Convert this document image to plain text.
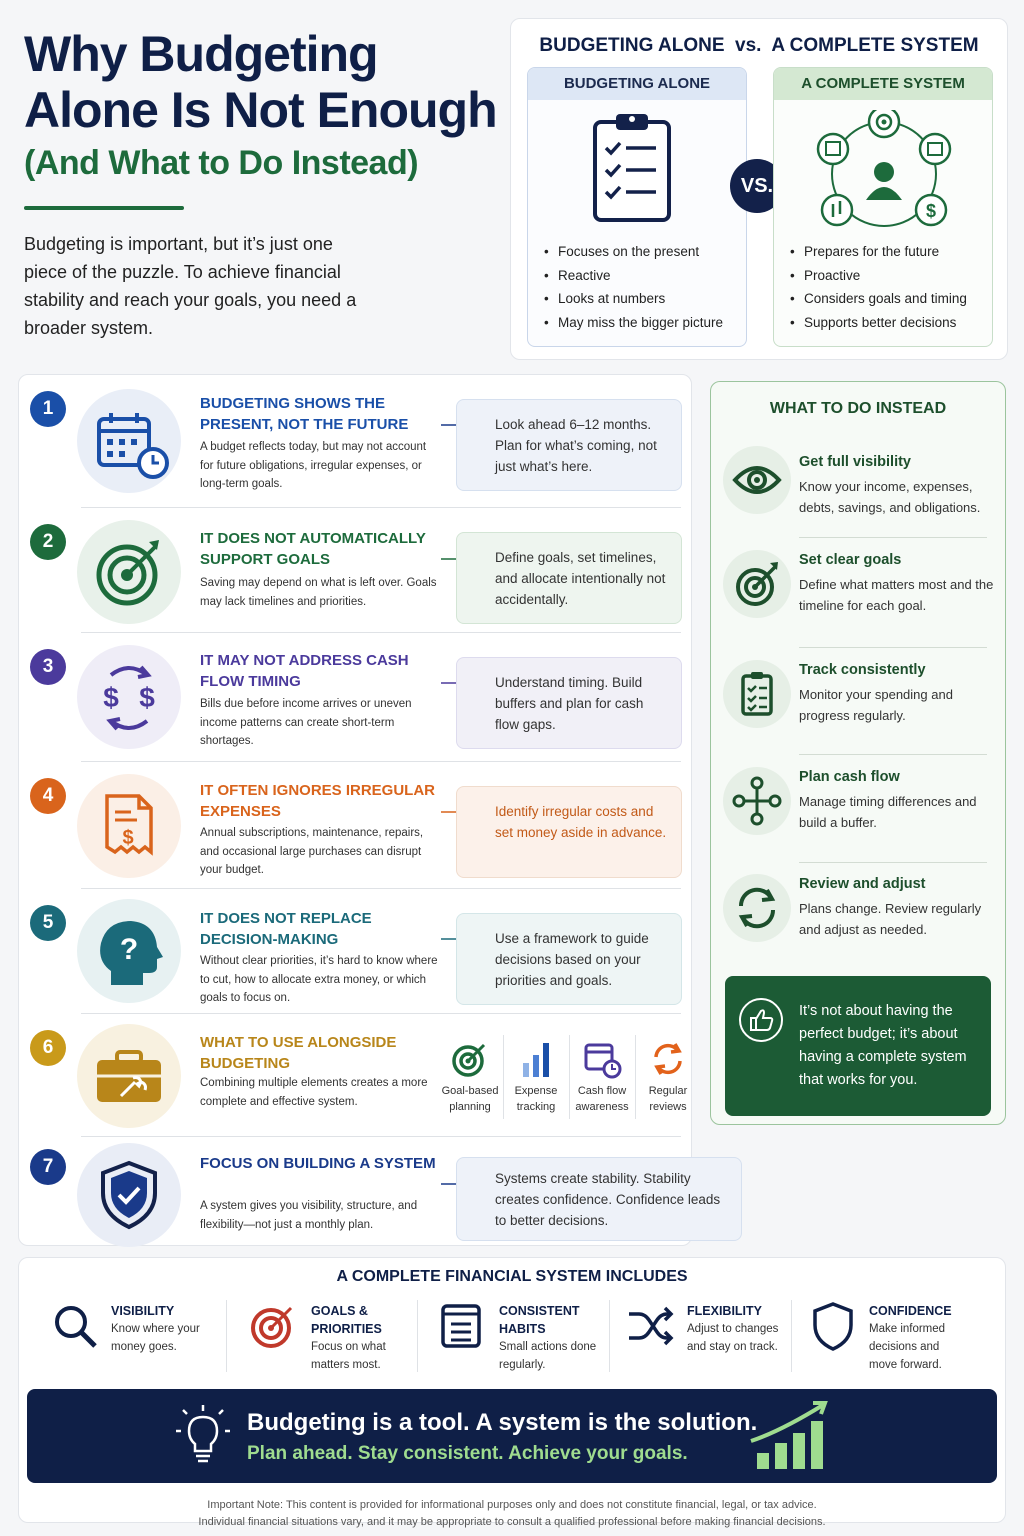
Why Budgeting Alone Is Not Enough
(And What to Do Instead)
Budgeting is important, but it’s just one piece of the puzzle. To achieve financial stability and reach your goals, you need a broader system.
BUDGETING ALONE  vs.  A COMPLETE SYSTEM
BUDGETING ALONE
• Focuses on the present
• Reactive
• Looks at numbers
• May miss the bigger picture
VS.
A COMPLETE SYSTEM
$
• Prepares for the future
• Proactive
• Considers goals and timing
• Supports better decisions
1	BUDGETING SHOWS THE PRESENT, NOT THE FUTURE
A budget reflects today, but may not account for future obligations, irregular expenses, or long-term goals.
Look ahead 6–12 months. Plan for what’s coming, not just what’s here.
2	IT DOES NOT AUTOMATICALLY SUPPORT GOALS
Saving may depend on what is left over. Goals may lack timelines and priorities.
Define goals, set timelines, and allocate intentionally not accidentally.
3
$ $
IT MAY NOT ADDRESS CASH FLOW TIMING
Bills due before income arrives or uneven income patterns can create short-term shortages.
Understand timing. Build buffers and plan for cash flow gaps.
4
$
IT OFTEN IGNORES IRREGULAR EXPENSES
Annual subscriptions, maintenance, repairs, and occasional large purchases can disrupt your budget.
Identify irregular costs and set money aside in advance.
5
?
IT DOES NOT REPLACE DECISION-MAKING
Without clear priorities, it’s hard to know where to cut, how to allocate extra money, or which goals to focus on.
Use a framework to guide decisions based on your priorities and goals.
6	WHAT TO USE ALONGSIDE BUDGETING
Combining multiple elements creates a more complete and effective system.
Goal-based planning
Expense tracking
Cash flow awareness
Regular reviews
7	FOCUS ON BUILDING A SYSTEM
A system gives you visibility, structure, and flexibility—not just a monthly plan.
Systems create stability. Stability creates confidence. Confidence leads to better decisions.
WHAT TO DO INSTEAD
Get full visibility
Know your income, expenses, debts, savings, and obligations.
Set clear goals
Define what matters most and the timeline for each goal.
Track consistently
Monitor your spending and progress regularly.
Plan cash flow
Manage timing differences and build a buffer.
Review and adjust
Plans change. Review regularly and adjust as needed.
It’s not about having the perfect budget; it’s about having a complete system that works for you.
A COMPLETE FINANCIAL SYSTEM INCLUDES
VISIBILITY
Know where your money goes.
GOALS & PRIORITIES
Focus on what matters most.
CONSISTENT HABITS
Small actions done regularly.
FLEXIBILITY
Adjust to changes and stay on track.
CONFIDENCE
Make informed decisions and move forward.
Budgeting is a tool. A system is the solution.
Plan ahead. Stay consistent. Achieve your goals.
Important Note: This content is provided for informational purposes only and does not constitute financial, legal, or tax advice.
Individual financial situations vary, and it may be appropriate to consult a qualified professional before making financial decisions.
